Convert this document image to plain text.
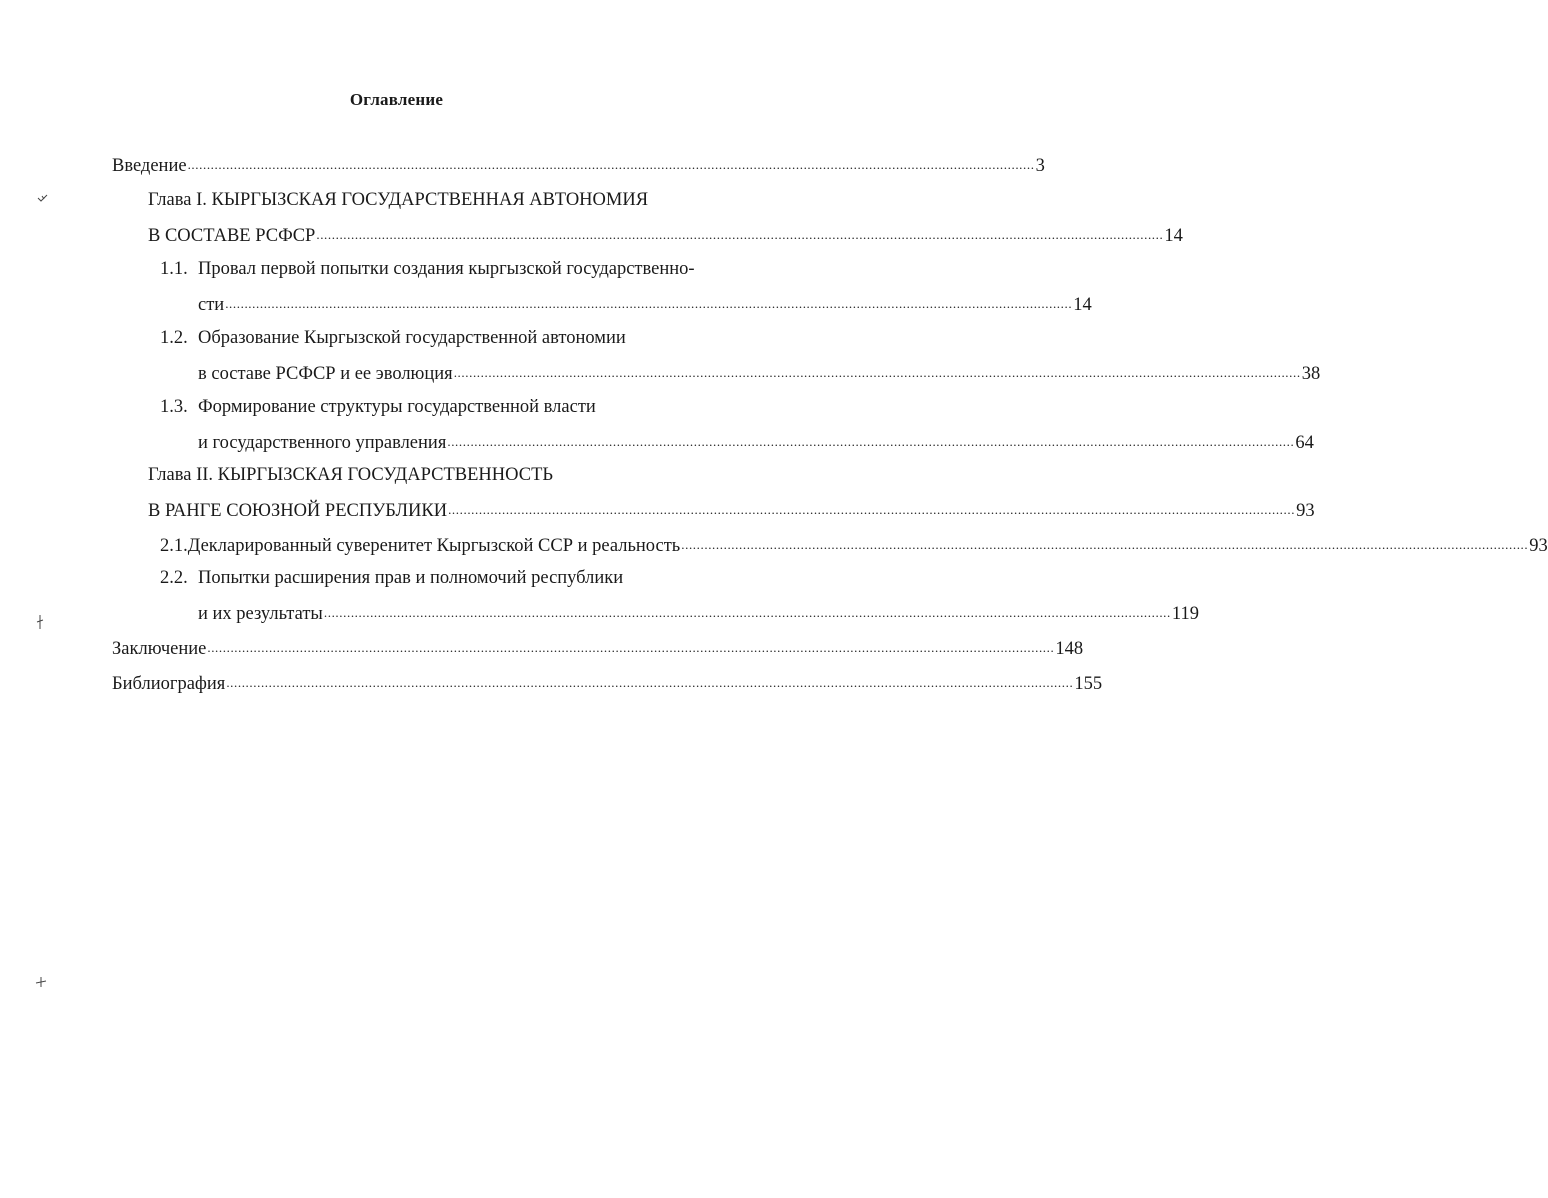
Оглавление
Введение ............................................................................................................................................................................................................................ 3
Глава I. КЫРГЫЗСКАЯ ГОСУДАРСТВЕННАЯ АВТОНОМИЯ
В СОСТАВЕ РСФСР ............................................................................................................................................................................................................................ 14
1.1. Провал первой попытки создания кыргызской государственно-
сти ............................................................................................................................................................................................................................ 14
1.2. Образование Кыргызской государственной автономии
в составе РСФСР и ее эволюция ............................................................................................................................................................................................................................ 38
1.3. Формирование структуры государственной власти
и государственного управления ............................................................................................................................................................................................................................ 64
Глава II. КЫРГЫЗСКАЯ ГОСУДАРСТВЕННОСТЬ
В РАНГЕ СОЮЗНОЙ РЕСПУБЛИКИ ............................................................................................................................................................................................................................ 93
2.1. Декларированный суверенитет Кыргызской ССР и реальность ............................................................................................................................................................................................................................ 93
2.2. Попытки расширения прав и полномочий республики
и их результаты ............................................................................................................................................................................................................................ 119
Заключение ............................................................................................................................................................................................................................ 148
Библиография ............................................................................................................................................................................................................................ 155
